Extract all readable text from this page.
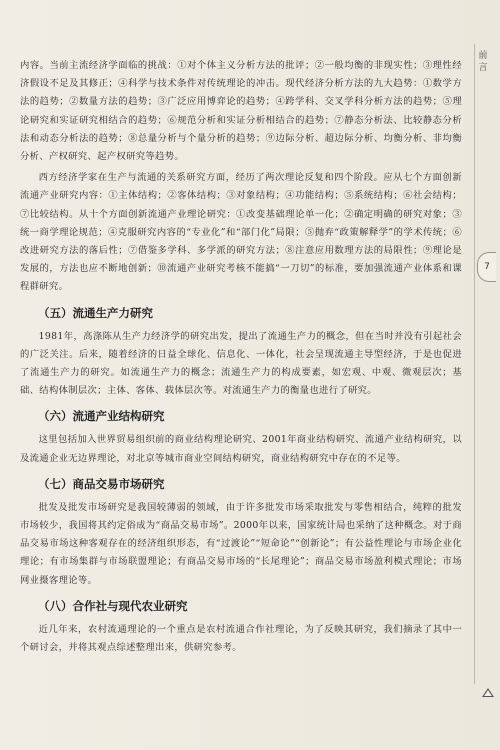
前言
7

内容。当前主流经济学面临的挑战：①对个体主义分析方法的批评；②一般均衡的非现实性；③理性经济假设不足及其修正；④科学与技术条件对传统理论的冲击。现代经济分析方法的九大趋势：①数学方法的趋势；②数量方法的趋势；③广泛应用博弈论的趋势；④跨学科、交叉学科分析方法的趋势；⑤理论研究和实证研究相结合的趋势；⑥规范分析和实证分析相结合的趋势；⑦静态分析法、比较静态分析法和动态分析法的趋势；⑧总量分析与个量分析的趋势；⑨边际分析、超边际分析、均衡分析、非均衡分析、产权研究、起产权研究等趋势。

西方经济学家在生产与流通的关系研究方面，经历了两次理论反复和四个阶段。应从七个方面创新流通产业研究内容：①主体结构；②客体结构；③对象结构；④功能结构；⑤系统结构；⑥社会结构；⑦比较结构。从十个方面创新流通产业理论研究：①改变基础理论单一化；②确定明确的研究对象；③统一商学理论规范；④克服研究内容的“专业化”和“部门化”局限；⑤抛弃“政策解释学”的学术传统；⑥改进研究方法的落后性；⑦借鉴多学科、多学派的研究方法；⑧注意应用数理方法的局限性；⑨理论是发展的，方法也应不断地创新；⑩流通产业研究考核不能搞“一刀切”的标准，要加强流通产业体系和课程群研究。

（五）流通生产力研究

1981年，高涤陈从生产力经济学的研究出发，提出了流通生产力的概念，但在当时并没有引起社会的广泛关注。后来，随着经济的日益全球化、信息化、一体化，社会呈现流通主导型经济，于是也促进了流通生产力的研究。如流通生产力的概念；流通生产力的构成要素，如宏观、中观、微观层次；基础、结构体制层次；主体、客体、载体层次等。对流通生产力的衡量也进行了研究。

（六）流通产业结构研究

这里包括加入世界贸易组织前的商业结构理论研究、2001年商业结构研究、流通产业结构研究，以及流通企业无边界理论，对北京等城市商业空间结构研究，商业结构研究中存在的不足等。

（七）商品交易市场研究

批发及批发市场研究是我国较薄弱的领域，由于许多批发市场采取批发与零售相结合，纯粹的批发市场较少，我国将其约定俗成为“商品交易市场”。2000年以来，国家统计局也采纳了这种概念。对于商品交易市场这种客观存在的经济组织形态，有“过渡论”“短命论”“创新论”；有公益性理论与市场企业化理论；有市场集群与市场联盟理论；有商品交易市场的“长尾理论”；商品交易市场盈利模式理论；市场网业摄客理论等。

（八）合作社与现代农业研究

近几年来，农村流通理论的一个重点是农村流通合作社理论，为了反映其研究，我们摘录了其中一个研讨会，并将其观点综述整理出来，供研究参考。
